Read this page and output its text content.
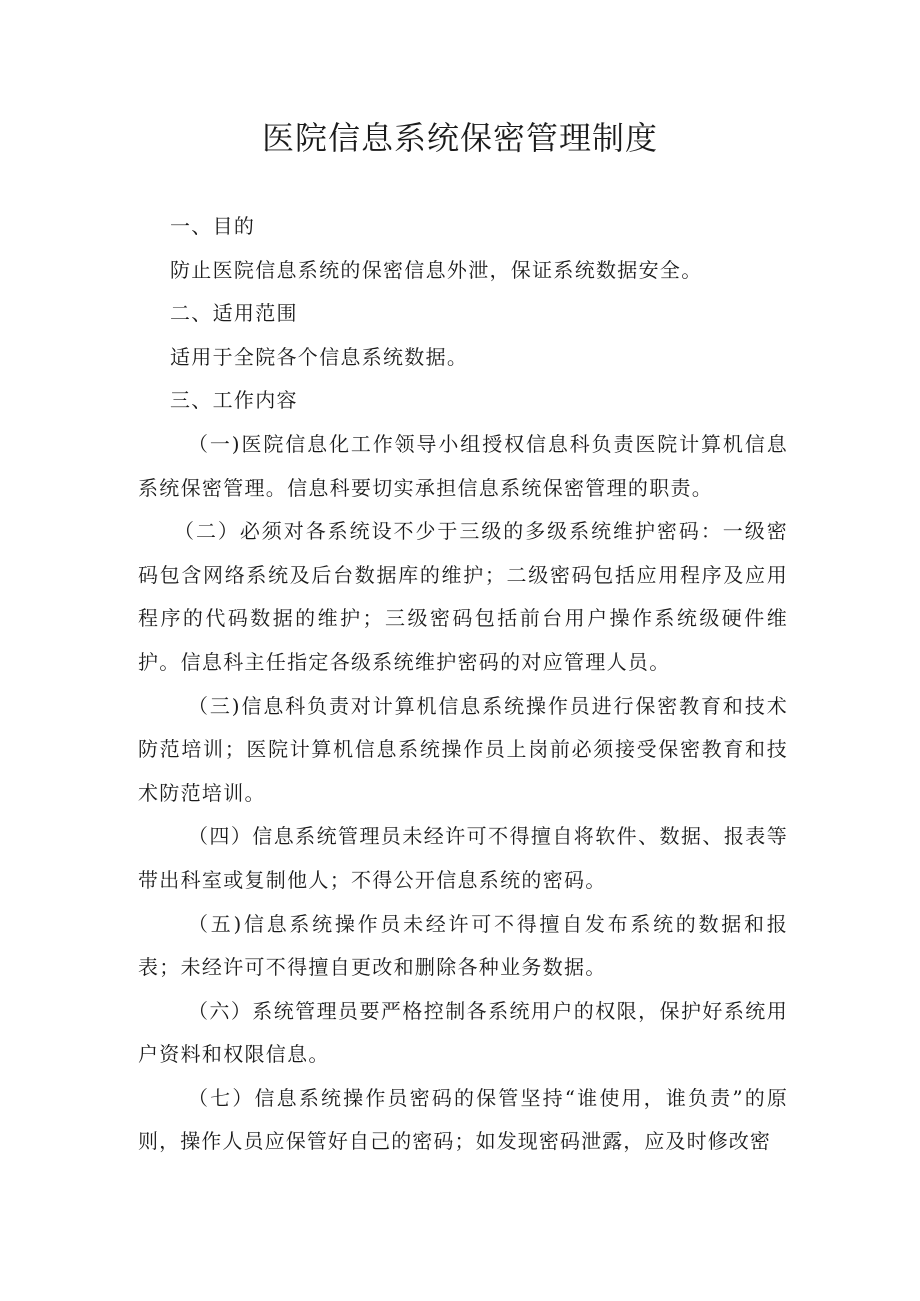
医院信息系统保密管理制度

一、目的

防止医院信息系统的保密信息外泄，保证系统数据安全。

二、适用范围

适用于全院各个信息系统数据。

三、工作内容

（一)医院信息化工作领导小组授权信息科负责医院计算机信息系统保密管理。信息科要切实承担信息系统保密管理的职责。

（二）必须对各系统设不少于三级的多级系统维护密码：一级密码包含网络系统及后台数据库的维护；二级密码包括应用程序及应用程序的代码数据的维护；三级密码包括前台用户操作系统级硬件维护。信息科主任指定各级系统维护密码的对应管理人员。

（三)信息科负责对计算机信息系统操作员进行保密教育和技术防范培训；医院计算机信息系统操作员上岗前必须接受保密教育和技术防范培训。

（四）信息系统管理员未经许可不得擅自将软件、数据、报表等带出科室或复制他人；不得公开信息系统的密码。

（五)信息系统操作员未经许可不得擅自发布系统的数据和报表；未经许可不得擅自更改和删除各种业务数据。

（六）系统管理员要严格控制各系统用户的权限，保护好系统用户资料和权限信息。

（七）信息系统操作员密码的保管坚持“谁使用，谁负责”的原则，操作人员应保管好自己的密码；如发现密码泄露，应及时修改密
